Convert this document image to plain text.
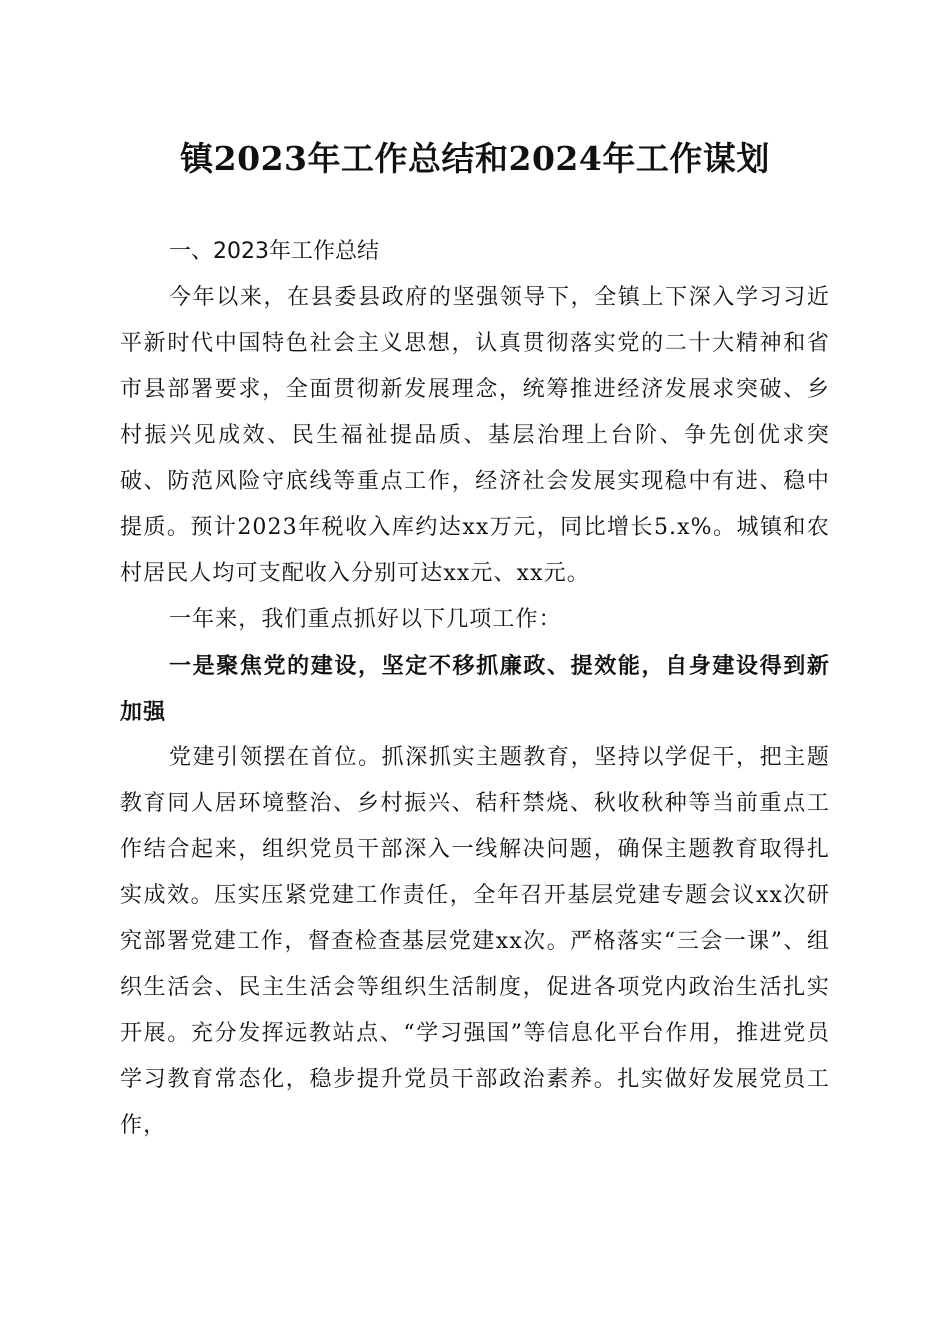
镇2023年工作总结和2024年工作谋划

一、2023年工作总结

今年以来，在县委县政府的坚强领导下，全镇上下深入学习习近平新时代中国特色社会主义思想，认真贯彻落实党的二十大精神和省市县部署要求，全面贯彻新发展理念，统筹推进经济发展求突破、乡村振兴见成效、民生福祉提品质、基层治理上台阶、争先创优求突破、防范风险守底线等重点工作，经济社会发展实现稳中有进、稳中提质。预计2023年税收入库约达xx万元，同比增长5.x%。城镇和农村居民人均可支配收入分别可达xx元、xx元。

一年来，我们重点抓好以下几项工作：

一是聚焦党的建设，坚定不移抓廉政、提效能，自身建设得到新加强

党建引领摆在首位。抓深抓实主题教育，坚持以学促干，把主题教育同人居环境整治、乡村振兴、秸秆禁烧、秋收秋种等当前重点工作结合起来，组织党员干部深入一线解决问题，确保主题教育取得扎实成效。压实压紧党建工作责任，全年召开基层党建专题会议xx次研究部署党建工作，督查检查基层党建xx次。严格落实“三会一课”、组织生活会、民主生活会等组织生活制度，促进各项党内政治生活扎实开展。充分发挥远教站点、“学习强国”等信息化平台作用，推进党员学习教育常态化，稳步提升党员干部政治素养。扎实做好发展党员工作，
